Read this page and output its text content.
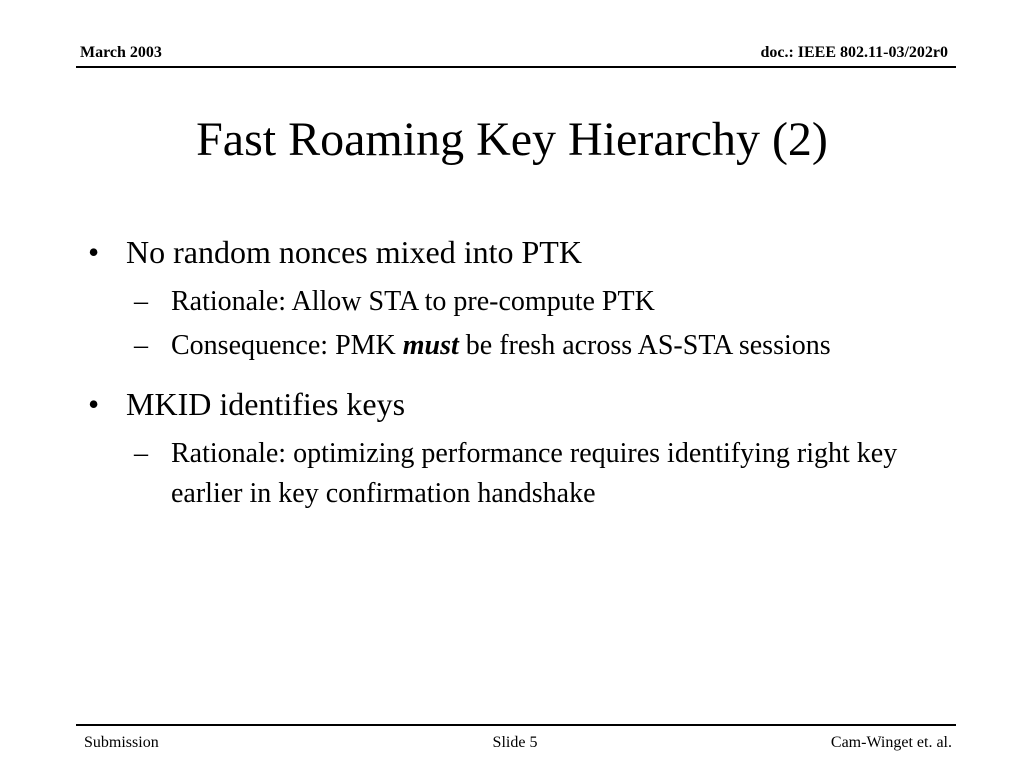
March 2003	doc.: IEEE 802.11-03/202r0
Fast Roaming Key Hierarchy (2)
• No random nonces mixed into PTK
– Rationale: Allow STA to pre-compute PTK
– Consequence: PMK must be fresh across AS-STA sessions
• MKID identifies keys
– Rationale: optimizing performance requires identifying right key earlier in key confirmation handshake
Submission	Slide 5	Cam-Winget et. al.
